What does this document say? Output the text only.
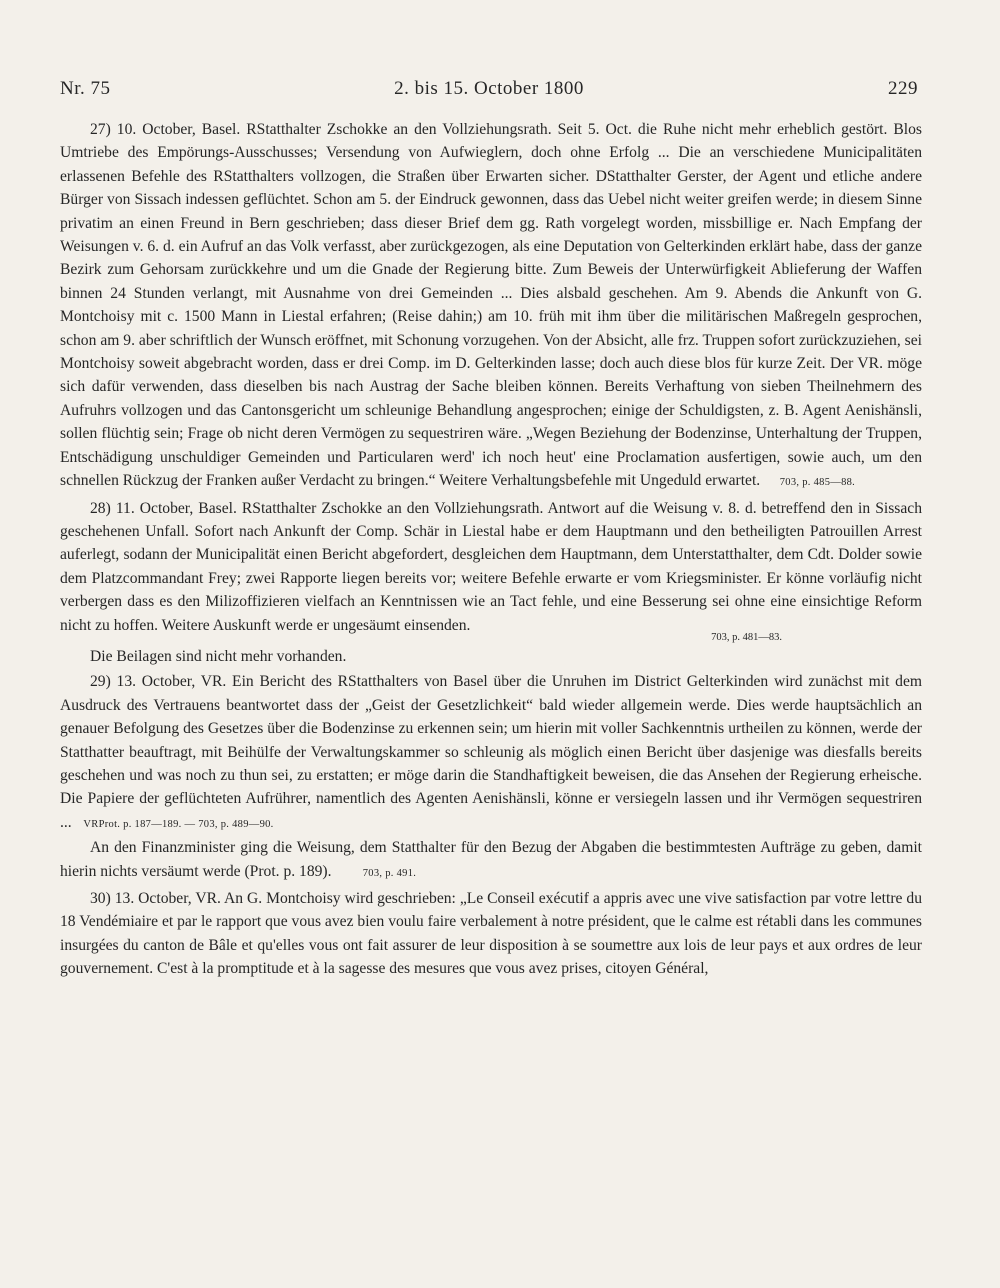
Nr. 75	2. bis 15. October 1800	229

27) 10. October, Basel. RStatthalter Zschokke an den Vollziehungsrath. Seit 5. Oct. die Ruhe nicht mehr erheblich gestört. Blos Umtriebe des Empörungs-Ausschusses; Versendung von Aufwieglern, doch ohne Erfolg ... Die an verschiedene Municipalitäten erlassenen Befehle des RStatthalters vollzogen, die Straßen über Erwarten sicher. DStatthalter Gerster, der Agent und etliche andere Bürger von Sissach indessen geflüchtet. Schon am 5. der Eindruck gewonnen, dass das Uebel nicht weiter greifen werde; in diesem Sinne privatim an einen Freund in Bern geschrieben; dass dieser Brief dem gg. Rath vorgelegt worden, missbillige er. Nach Empfang der Weisungen v. 6. d. ein Aufruf an das Volk verfasst, aber zurückgezogen, als eine Deputation von Gelterkinden erklärt habe, dass der ganze Bezirk zum Gehorsam zurückkehre und um die Gnade der Regierung bitte. Zum Beweis der Unterwürfigkeit Ablieferung der Waffen binnen 24 Stunden verlangt, mit Ausnahme von drei Gemeinden ... Dies alsbald geschehen. Am 9. Abends die Ankunft von G. Montchoisy mit c. 1500 Mann in Liestal erfahren; (Reise dahin;) am 10. früh mit ihm über die militärischen Maßregeln gesprochen, schon am 9. aber schriftlich der Wunsch eröffnet, mit Schonung vorzugehen. Von der Absicht, alle frz. Truppen sofort zurückzuziehen, sei Montchoisy soweit abgebracht worden, dass er drei Comp. im D. Gelterkinden lasse; doch auch diese blos für kurze Zeit. Der VR. möge sich dafür verwenden, dass dieselben bis nach Austrag der Sache bleiben können. Bereits Verhaftung von sieben Theilnehmern des Aufruhrs vollzogen und das Cantonsgericht um schleunige Behandlung angesprochen; einige der Schuldigsten, z. B. Agent Aenishänsli, sollen flüchtig sein; Frage ob nicht deren Vermögen zu sequestriren wäre. „Wegen Beziehung der Bodenzinse, Unterhaltung der Truppen, Entschädigung unschuldiger Gemeinden und Particularen werd' ich noch heut' eine Proclamation ausfertigen, sowie auch, um den schnellen Rückzug der Franken außer Verdacht zu bringen.“ Weitere Verhaltungsbefehle mit Ungeduld erwartet. 703, p. 485—88.

28) 11. October, Basel. RStatthalter Zschokke an den Vollziehungsrath. Antwort auf die Weisung v. 8. d. betreffend den in Sissach geschehenen Unfall. Sofort nach Ankunft der Comp. Schär in Liestal habe er dem Hauptmann und den betheiligten Patrouillen Arrest auferlegt, sodann der Municipalität einen Bericht abgefordert, desgleichen dem Hauptmann, dem Unterstatthalter, dem Cdt. Dolder sowie dem Platzcommandant Frey; zwei Rapporte liegen bereits vor; weitere Befehle erwarte er vom Kriegsminister. Er könne vorläufig nicht verbergen dass es den Milizoffizieren vielfach an Kenntnissen wie an Tact fehle, und eine Besserung sei ohne eine einsichtige Reform nicht zu hoffen. Weitere Auskunft werde er ungesäumt einsenden.

703, p. 481—83.

Die Beilagen sind nicht mehr vorhanden.

29) 13. October, VR. Ein Bericht des RStatthalters von Basel über die Unruhen im District Gelterkinden wird zunächst mit dem Ausdruck des Vertrauens beantwortet dass der „Geist der Gesetzlichkeit“ bald wieder allgemein werde. Dies werde hauptsächlich an genauer Befolgung des Gesetzes über die Bodenzinse zu erkennen sein; um hierin mit voller Sachkenntnis urtheilen zu können, werde der Statthatter beauftragt, mit Beihülfe der Verwaltungskammer so schleunig als möglich einen Bericht über dasjenige was diesfalls bereits geschehen und was noch zu thun sei, zu erstatten; er möge darin die Standhaftigkeit beweisen, die das Ansehen der Regierung erheische. Die Papiere der geflüchteten Aufrührer, namentlich des Agenten Aenishänsli, könne er versiegeln lassen und ihr Vermögen sequestriren ... VRProt. p. 187—189. — 703, p. 489—90.

An den Finanzminister ging die Weisung, dem Statthalter für den Bezug der Abgaben die bestimmtesten Aufträge zu geben, damit hierin nichts versäumt werde (Prot. p. 189).	703, p. 491.

30) 13. October, VR. An G. Montchoisy wird geschrieben: „Le Conseil exécutif a appris avec une vive satisfaction par votre lettre du 18 Vendémiaire et par le rapport que vous avez bien voulu faire verbalement à notre président, que le calme est rétabli dans les communes insurgées du canton de Bâle et qu'elles vous ont fait assurer de leur disposition à se soumettre aux lois de leur pays et aux ordres de leur gouvernement. C'est à la promptitude et à la sagesse des mesures que vous avez prises, citoyen Général,
